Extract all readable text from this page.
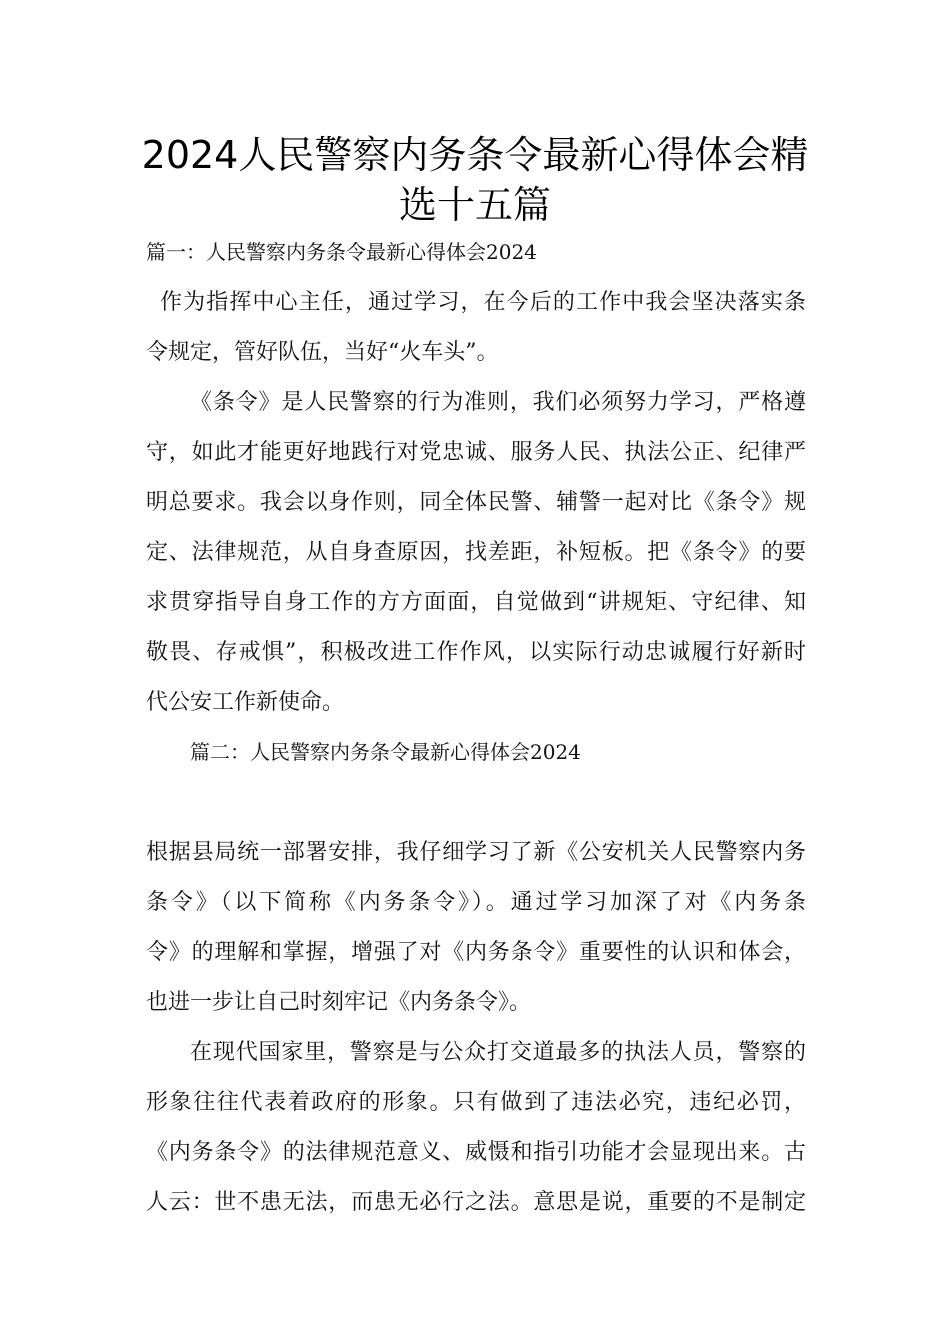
2024人民警察内务条令最新心得体会精
选十五篇

篇一：人民警察内务条令最新心得体会2024

作为指挥中心主任，通过学习，在今后的工作中我会坚决落实条

令规定，管好队伍，当好“火车头”。

《条令》是人民警察的行为准则，我们必须努力学习，严格遵

守，如此才能更好地践行对党忠诚、服务人民、执法公正、纪律严

明总要求。我会以身作则，同全体民警、辅警一起对比《条令》规

定、法律规范，从自身查原因，找差距，补短板。把《条令》的要

求贯穿指导自身工作的方方面面，自觉做到“讲规矩、守纪律、知

敬畏、存戒惧”，积极改进工作作风，以实际行动忠诚履行好新时

代公安工作新使命。

篇二：人民警察内务条令最新心得体会2024

根据县局统一部署安排，我仔细学习了新《公安机关人民警察内务

条令》（以下简称《内务条令》）。通过学习加深了对《内务条

令》的理解和掌握，增强了对《内务条令》重要性的认识和体会，

也进一步让自己时刻牢记《内务条令》。

在现代国家里，警察是与公众打交道最多的执法人员，警察的

形象往往代表着政府的形象。只有做到了违法必究，违纪必罚，

《内务条令》的法律规范意义、威慑和指引功能才会显现出来。古

人云：世不患无法，而患无必行之法。意思是说，重要的不是制定
